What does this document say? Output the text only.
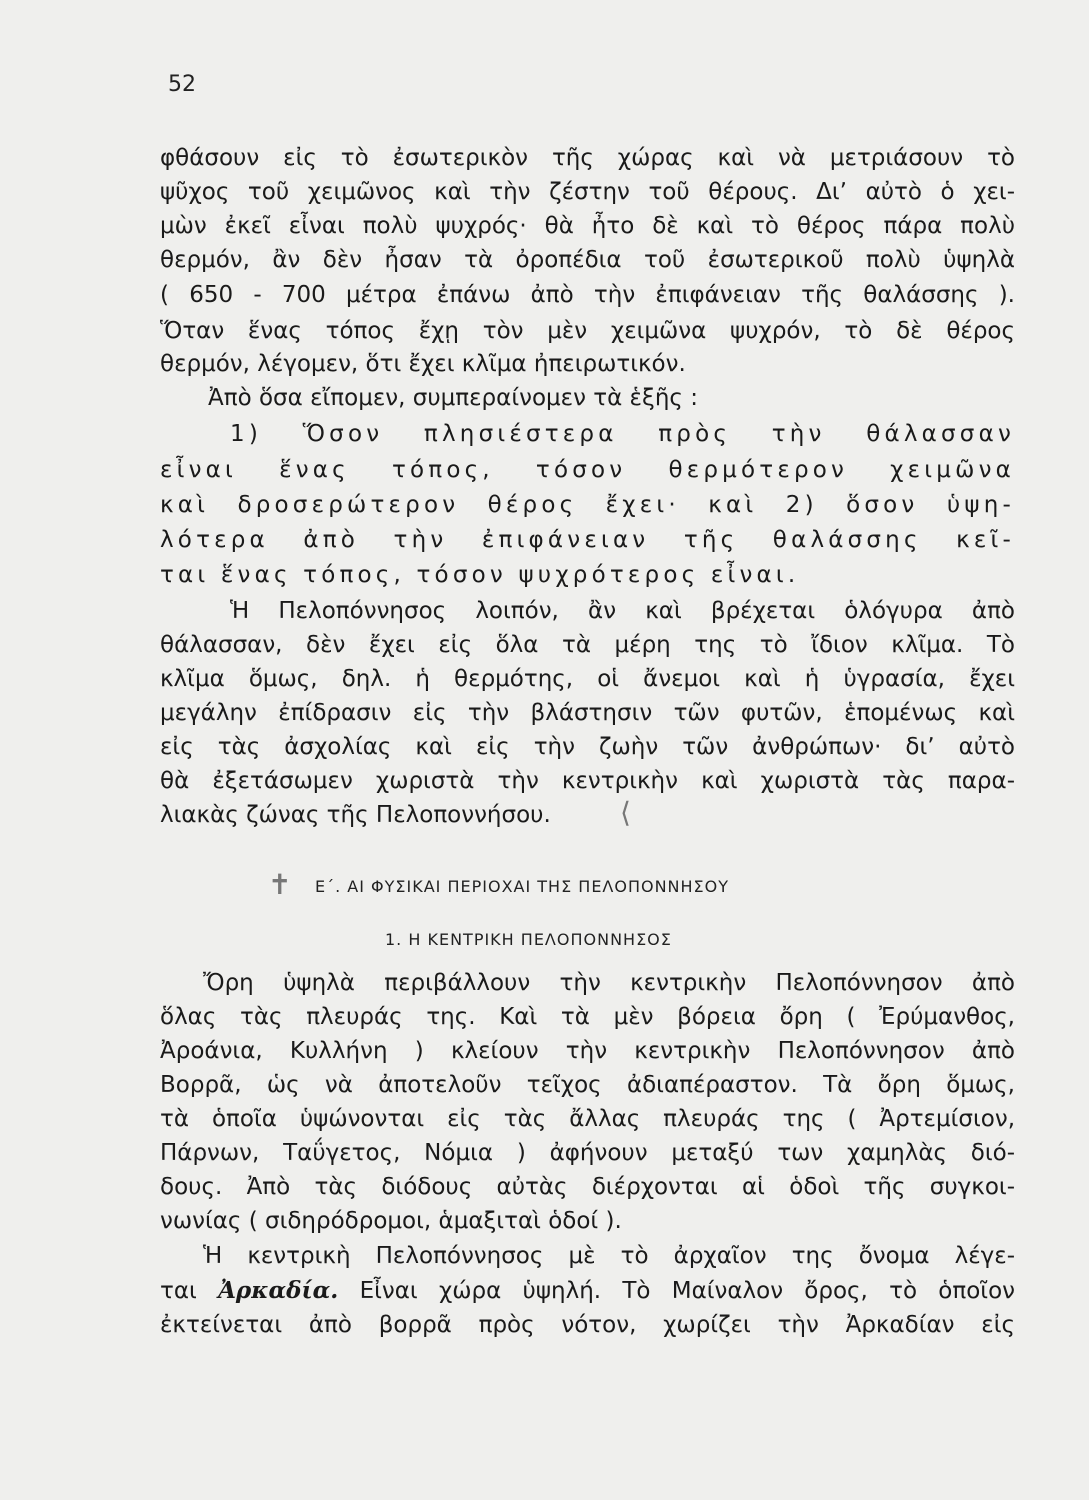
52
φθάσουν εἰς τὸ ἐσωτερικὸν τῆς χώρας καὶ νὰ μετριάσουν τὸ
ψῦχος τοῦ χειμῶνος καὶ τὴν ζέστην τοῦ θέρους. Διʼ αὐτὸ ὁ χει-
μὼν ἐκεῖ εἶναι πολὺ ψυχρός· θὰ ἦτο δὲ καὶ τὸ θέρος πάρα πολὺ
θερμόν, ἂν δὲν ἦσαν τὰ ὀροπέδια τοῦ ἐσωτερικοῦ πολὺ ὑψηλὰ
( 650 - 700 μέτρα ἐπάνω ἀπὸ τὴν ἐπιφάνειαν τῆς θαλάσσης ).
Ὅταν ἕνας τόπος ἔχῃ τὸν μὲν χειμῶνα ψυχρόν, τὸ δὲ θέρος
θερμόν, λέγομεν, ὅτι ἔχει κλῖμα ἠπειρωτικόν.
Ἀπὸ ὅσα εἴπομεν, συμπεραίνομεν τὰ ἑξῆς :
1) Ὅσον πλησιέστερα πρὸς τὴν θάλασσαν
εἶναι ἕνας τόπος, τόσον θερμότερον χειμῶνα
καὶ δροσερώτερον θέρος ἔχει· καὶ 2) ὅσον ὑψη-
λότερα ἀπὸ τὴν ἐπιφάνειαν τῆς θαλάσσης κεῖ-
ται ἕνας τόπος, τόσον ψυχρότερος εἶναι.
Ἡ Πελοπόννησος λοιπόν, ἂν καὶ βρέχεται ὁλόγυρα ἀπὸ
θάλασσαν, δὲν ἔχει εἰς ὅλα τὰ μέρη της τὸ ἴδιον κλῖμα. Τὸ
κλῖμα ὅμως, δηλ. ἡ θερμότης, οἱ ἄνεμοι καὶ ἡ ὑγρασία, ἔχει
μεγάλην ἐπίδρασιν εἰς τὴν βλάστησιν τῶν φυτῶν, ἑπομένως καὶ
εἰς τὰς ἀσχολίας καὶ εἰς τὴν ζωὴν τῶν ἀνθρώπων· διʼ αὐτὸ
θὰ ἐξετάσωμεν χωριστὰ τὴν κεντρικὴν καὶ χωριστὰ τὰς παρα-
λιακὰς ζώνας τῆς Πελοποννήσου. ⟨
✝ Ε΄. ΑΙ ΦΥΣΙΚΑΙ ΠΕΡΙΟΧΑΙ ΤΗΣ ΠΕΛΟΠΟΝΝΗΣΟΥ
1. Η ΚΕΝΤΡΙΚΗ ΠΕΛΟΠΟΝΝΗΣΟΣ
Ὄρη ὑψηλὰ περιβάλλουν τὴν κεντρικὴν Πελοπόννησον ἀπὸ
ὅλας τὰς πλευράς της. Καὶ τὰ μὲν βόρεια ὄρη ( Ἐρύμανθος,
Ἀροάνια, Κυλλήνη ) κλείουν τὴν κεντρικὴν Πελοπόννησον ἀπὸ
Βορρᾶ, ὡς νὰ ἀποτελοῦν τεῖχος ἀδιαπέραστον. Τὰ ὄρη ὅμως,
τὰ ὁποῖα ὑψώνονται εἰς τὰς ἄλλας πλευράς της ( Ἀρτεμίσιον,
Πάρνων, Ταΰγετος, Νόμια ) ἀφήνουν μεταξύ των χαμηλὰς διό-
δους. Ἀπὸ τὰς διόδους αὐτὰς διέρχονται αἱ ὁδοὶ τῆς συγκοι-
νωνίας ( σιδηρόδρομοι, ἁμαξιταὶ ὁδοί ).
Ἡ κεντρικὴ Πελοπόννησος μὲ τὸ ἀρχαῖον της ὄνομα λέγε-
ται Ἀρκαδία. Εἶναι χώρα ὑψηλή. Τὸ Μαίναλον ὄρος, τὸ ὁποῖον
ἐκτείνεται ἀπὸ βορρᾶ πρὸς νότον, χωρίζει τὴν Ἀρκαδίαν εἰς
